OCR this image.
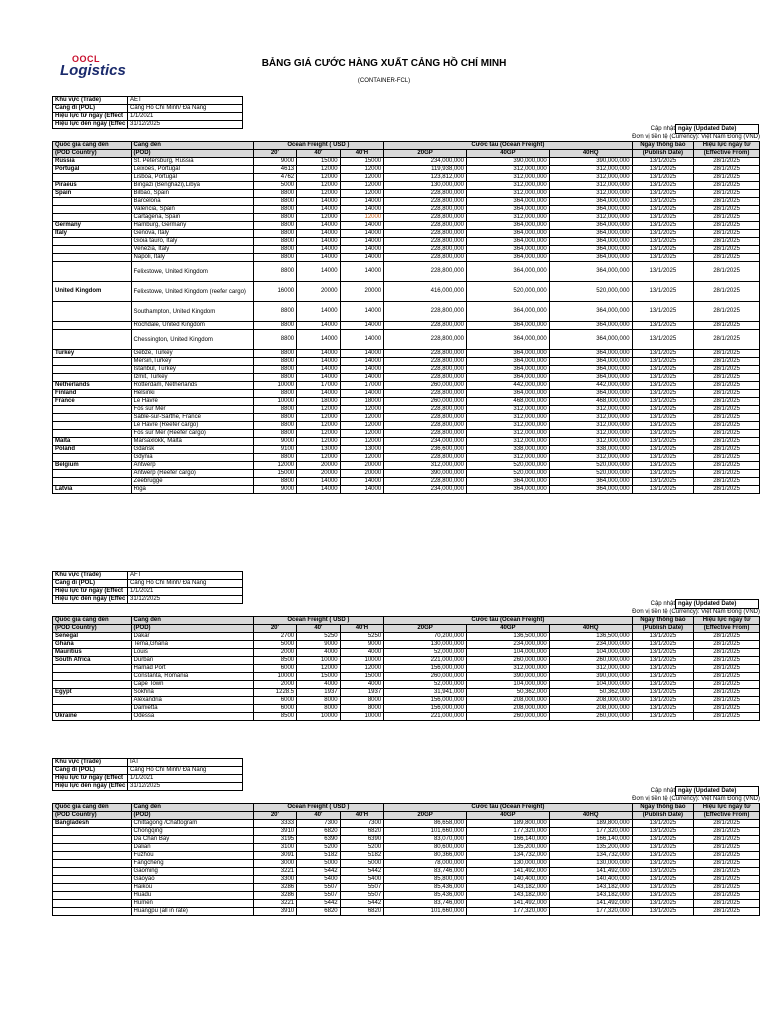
OOCL
Logistics	BẢNG GIÁ CƯỚC HÀNG XUẤT CẢNG HỒ CHÍ MINH
(CONTAINER-FCL)
Khu vực (Trade)	AET
Cảng đi (POL)	Cảng Hồ Chí Minh/ Đà Nẵng
Hiệu lực từ ngày (Effect	1/1/2021
Hiệu lực đến ngày (Effec	31/12/2025
Cập nhật ngày (Updated Date)
Đơn vị tiền tệ (Currency): Việt Nam Đồng (VND)
Quốc gia cảng đến	Cảng đến	Ocean Freight ( USD )			Cước tàu (Ocean Freight)			Ngày thông báo	Hiệu lực ngày từ
(POD Country)	(POD)	20'	40'	40'H	20GP	40GP	40HQ	(Publish Date)	(Effective From)
Russia	St. Petersburg, Russia	9000	15000	15000	234,000,000	390,000,000	390,000,000	13/1/2025	28/1/2025
Portugal	Leixoes, Portugal	4613	12000	12000	119,938,000	312,000,000	312,000,000	13/1/2025	28/1/2025
	Lisboa, Portugal	4762	12000	12000	123,812,000	312,000,000	312,000,000	13/1/2025	28/1/2025
Piraeus	Bingazi (Benghazi),Libya	5000	12000	12000	130,000,000	312,000,000	312,000,000	13/1/2025	28/1/2025
Spain	Bilbao, Spain	8800	12000	12000	228,800,000	312,000,000	312,000,000	13/1/2025	28/1/2025
	Barcelona	8800	14000	14000	228,800,000	364,000,000	364,000,000	13/1/2025	28/1/2025
	Valencia, Spain	8800	14000	14000	228,800,000	364,000,000	364,000,000	13/1/2025	28/1/2025
	Cartagena, Spain	8800	12000	12000	228,800,000	312,000,000	312,000,000	13/1/2025	28/1/2025
Germany	Hamburg, Germany	8800	14000	14000	228,800,000	364,000,000	364,000,000	13/1/2025	28/1/2025
Italy	Genova, Italy	8800	14000	14000	228,800,000	364,000,000	364,000,000	13/1/2025	28/1/2025
	Gioia tauro, Italy	8800	14000	14000	228,800,000	364,000,000	364,000,000	13/1/2025	28/1/2025
	Venezia, Italy	8800	14000	14000	228,800,000	364,000,000	364,000,000	13/1/2025	28/1/2025
	Napoli, Italy	8800	14000	14000	228,800,000	364,000,000	364,000,000	13/1/2025	28/1/2025
	Felixstowe, United Kingdom	8800	14000	14000	228,800,000	364,000,000	364,000,000	13/1/2025	28/1/2025
United Kingdom	Felixstowe, United Kingdom (reefer cargo)	16000	20000	20000	416,000,000	520,000,000	520,000,000	13/1/2025	28/1/2025
	Southampton, United Kingdom	8800	14000	14000	228,800,000	364,000,000	364,000,000	13/1/2025	28/1/2025
	Rochdale, United Kingdom	8800	14000	14000	228,800,000	364,000,000	364,000,000	13/1/2025	28/1/2025
	Chessington, United Kingdom	8800	14000	14000	228,800,000	364,000,000	364,000,000	13/1/2025	28/1/2025
Turkey	Gebze, Turkey	8800	14000	14000	228,800,000	364,000,000	364,000,000	13/1/2025	28/1/2025
	Mersin,Turkey	8800	14000	14000	228,800,000	364,000,000	364,000,000	13/1/2025	28/1/2025
	Istanbul, Turkey	8800	14000	14000	228,800,000	364,000,000	364,000,000	13/1/2025	28/1/2025
	Izmit, Turkey	8800	14000	14000	228,800,000	364,000,000	364,000,000	13/1/2025	28/1/2025
Netherlands	Rotterdam, Netherlands	10000	17000	17000	260,000,000	442,000,000	442,000,000	13/1/2025	28/1/2025
Finland	Helsinki	8800	14000	14000	228,800,000	364,000,000	364,000,000	13/1/2025	28/1/2025
France	Le Havre	10000	18000	18000	260,000,000	468,000,000	468,000,000	13/1/2025	28/1/2025
	Fos sur Mer	8800	12000	12000	228,800,000	312,000,000	312,000,000	13/1/2025	28/1/2025
	Sable-sur-Sarthe, France	8800	12000	12000	228,800,000	312,000,000	312,000,000	13/1/2025	28/1/2025
	Le Havre (Reefer cargo)	8800	12000	12000	228,800,000	312,000,000	312,000,000	13/1/2025	28/1/2025
	Fos sur Mer (Reefer cargo)	8800	12000	12000	228,800,000	312,000,000	312,000,000	13/1/2025	28/1/2025
Malta	Marsaxlokk, Malta	9000	12000	12000	234,000,000	312,000,000	312,000,000	13/1/2025	28/1/2025
Poland	Gdansk	9100	13000	13000	236,600,000	338,000,000	338,000,000	13/1/2025	28/1/2025
	Gdynia	8800	12000	12000	228,800,000	312,000,000	312,000,000	13/1/2025	28/1/2025
Belgium	Antwerp	12000	20000	20000	312,000,000	520,000,000	520,000,000	13/1/2025	28/1/2025
	Antwerp (Reefer cargo)	15000	20000	20000	390,000,000	520,000,000	520,000,000	13/1/2025	28/1/2025
	Zeebrugge	8800	14000	14000	228,800,000	364,000,000	364,000,000	13/1/2025	28/1/2025
Latvia	Riga	9000	14000	14000	234,000,000	364,000,000	364,000,000	13/1/2025	28/1/2025
Khu vực (Trade)	AFT
Cảng đi (POL)	Cảng Hồ Chí Minh/ Đà Nẵng
Hiệu lực từ ngày (Effect	1/1/2021
Hiệu lực đến ngày (Effec	31/12/2025
Cập nhật ngày (Updated Date)
Đơn vị tiền tệ (Currency): Việt Nam Đồng (VND)
Quốc gia cảng đến	Cảng đến	Ocean Freight ( USD )			Cước tàu (Ocean Freight)			Ngày thông báo	Hiệu lực ngày từ
(POD Country)	(POD)	20'	40'	40'H	20GP	40GP	40HQ	(Publish Date)	(Effective From)
Senegal	Dakar	2700	5250	5250	70,200,000	136,500,000	136,500,000	13/1/2025	28/1/2025
Ghana	Tema,Ghana	5000	9000	9000	130,000,000	234,000,000	234,000,000	13/1/2025	28/1/2025
Mauritius	Louis	2000	4000	4000	52,000,000	104,000,000	104,000,000	13/1/2025	28/1/2025
South Africa	Durban	8500	10000	10000	221,000,000	260,000,000	260,000,000	13/1/2025	28/1/2025
	Hamad Port	6000	12000	12000	156,000,000	312,000,000	312,000,000	13/1/2025	28/1/2025
	Constanta, Romania	10000	15000	15000	260,000,000	390,000,000	390,000,000	13/1/2025	28/1/2025
	Cape Town	2000	4000	4000	52,000,000	104,000,000	104,000,000	13/1/2025	28/1/2025
Egypt	Sokhna	1228.5	1937	1937	31,941,000	50,362,000	50,362,000	13/1/2025	28/1/2025
	Alexandria	6000	8000	8000	156,000,000	208,000,000	208,000,000	13/1/2025	28/1/2025
	Damietta	6000	8000	8000	156,000,000	208,000,000	208,000,000	13/1/2025	28/1/2025
Ukraine	Odessa	8500	10000	10000	221,000,000	260,000,000	260,000,000	13/1/2025	28/1/2025
Khu vực (Trade)	IAT
Cảng đi (POL)	Cảng Hồ Chí Minh/ Đà Nẵng
Hiệu lực từ ngày (Effect	1/1/2021
Hiệu lực đến ngày (Effec	31/12/2025
Cập nhật ngày (Updated Date)
Đơn vị tiền tệ (Currency): Việt Nam Đồng (VND)
Quốc gia cảng đến	Cảng đến	Ocean Freight ( USD )			Cước tàu (Ocean Freight)			Ngày thông báo	Hiệu lực ngày từ
(POD Country)	(POD)	20'	40'	40'H	20GP	40GP	40HQ	(Publish Date)	(Effective From)
Bangladesh	Chittagong /Chattogram	3333	7300	7300	86,658,000	189,800,000	189,800,000	13/1/2025	28/1/2025
	Chongqing	3910	6820	6820	101,660,000	177,320,000	177,320,000	13/1/2025	28/1/2025
	Da Chan Bay	3195	6390	6390	83,070,000	166,140,000	166,140,000	13/1/2025	28/1/2025
	Dalian	3100	5200	5200	80,600,000	135,200,000	135,200,000	13/1/2025	28/1/2025
	Fuzhou	3091	5182	5182	80,366,000	134,732,000	134,732,000	13/1/2025	28/1/2025
	Fangcheng	3000	5000	5000	78,000,000	130,000,000	130,000,000	13/1/2025	28/1/2025
	Gaoming	3221	5442	5442	83,746,000	141,492,000	141,492,000	13/1/2025	28/1/2025
	Gaoyao	3300	5400	5400	85,800,000	140,400,000	140,400,000	13/1/2025	28/1/2025
	Haikou	3286	5507	5507	85,436,000	143,182,000	143,182,000	13/1/2025	28/1/2025
	Huadu	3286	5507	5507	85,436,000	143,182,000	143,182,000	13/1/2025	28/1/2025
	Humen	3221	5442	5442	83,746,000	141,492,000	141,492,000	13/1/2025	28/1/2025
	Huangpu (all in rate)	3910	6820	6820	101,660,000	177,320,000	177,320,000	13/1/2025	28/1/2025
